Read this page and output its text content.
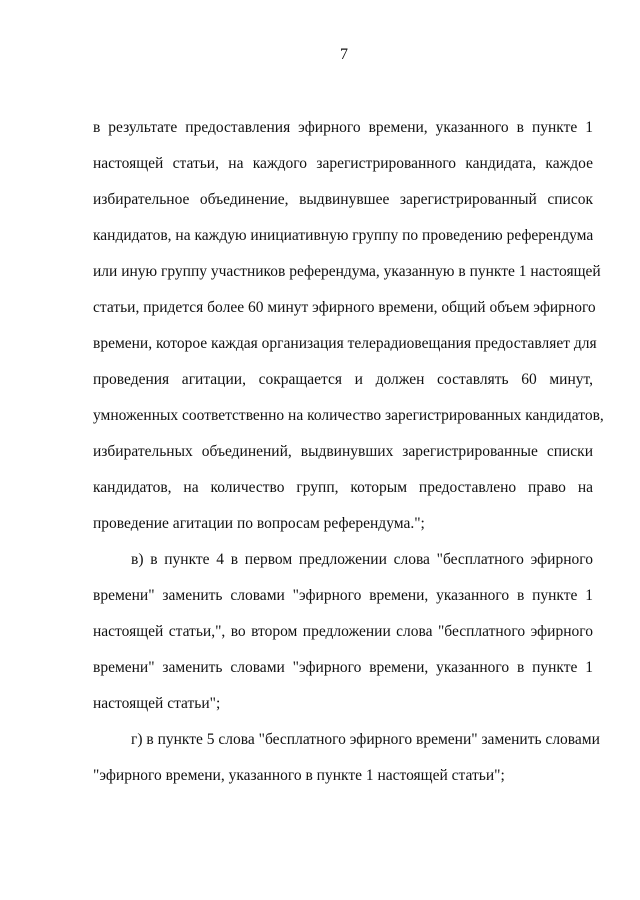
7
в результате предоставления эфирного времени, указанного в пункте 1
настоящей статьи, на каждого зарегистрированного кандидата, каждое
избирательное объединение, выдвинувшее зарегистрированный список
кандидатов, на каждую инициативную группу по проведению референдума
или иную группу участников референдума, указанную в пункте 1 настоящей
статьи, придется более 60 минут эфирного времени, общий объем эфирного
времени, которое каждая организация телерадиовещания предоставляет для
проведения агитации, сокращается и должен составлять 60 минут,
умноженных соответственно на количество зарегистрированных кандидатов,
избирательных объединений, выдвинувших зарегистрированные списки
кандидатов, на количество групп, которым предоставлено право на
проведение агитации по вопросам референдума.";
в) в пункте 4 в первом предложении слова "бесплатного эфирного
времени" заменить словами "эфирного времени, указанного в пункте 1
настоящей статьи,", во втором предложении слова "бесплатного эфирного
времени" заменить словами "эфирного времени, указанного в пункте 1
настоящей статьи";
г) в пункте 5 слова "бесплатного эфирного времени" заменить словами
"эфирного времени, указанного в пункте 1 настоящей статьи";
